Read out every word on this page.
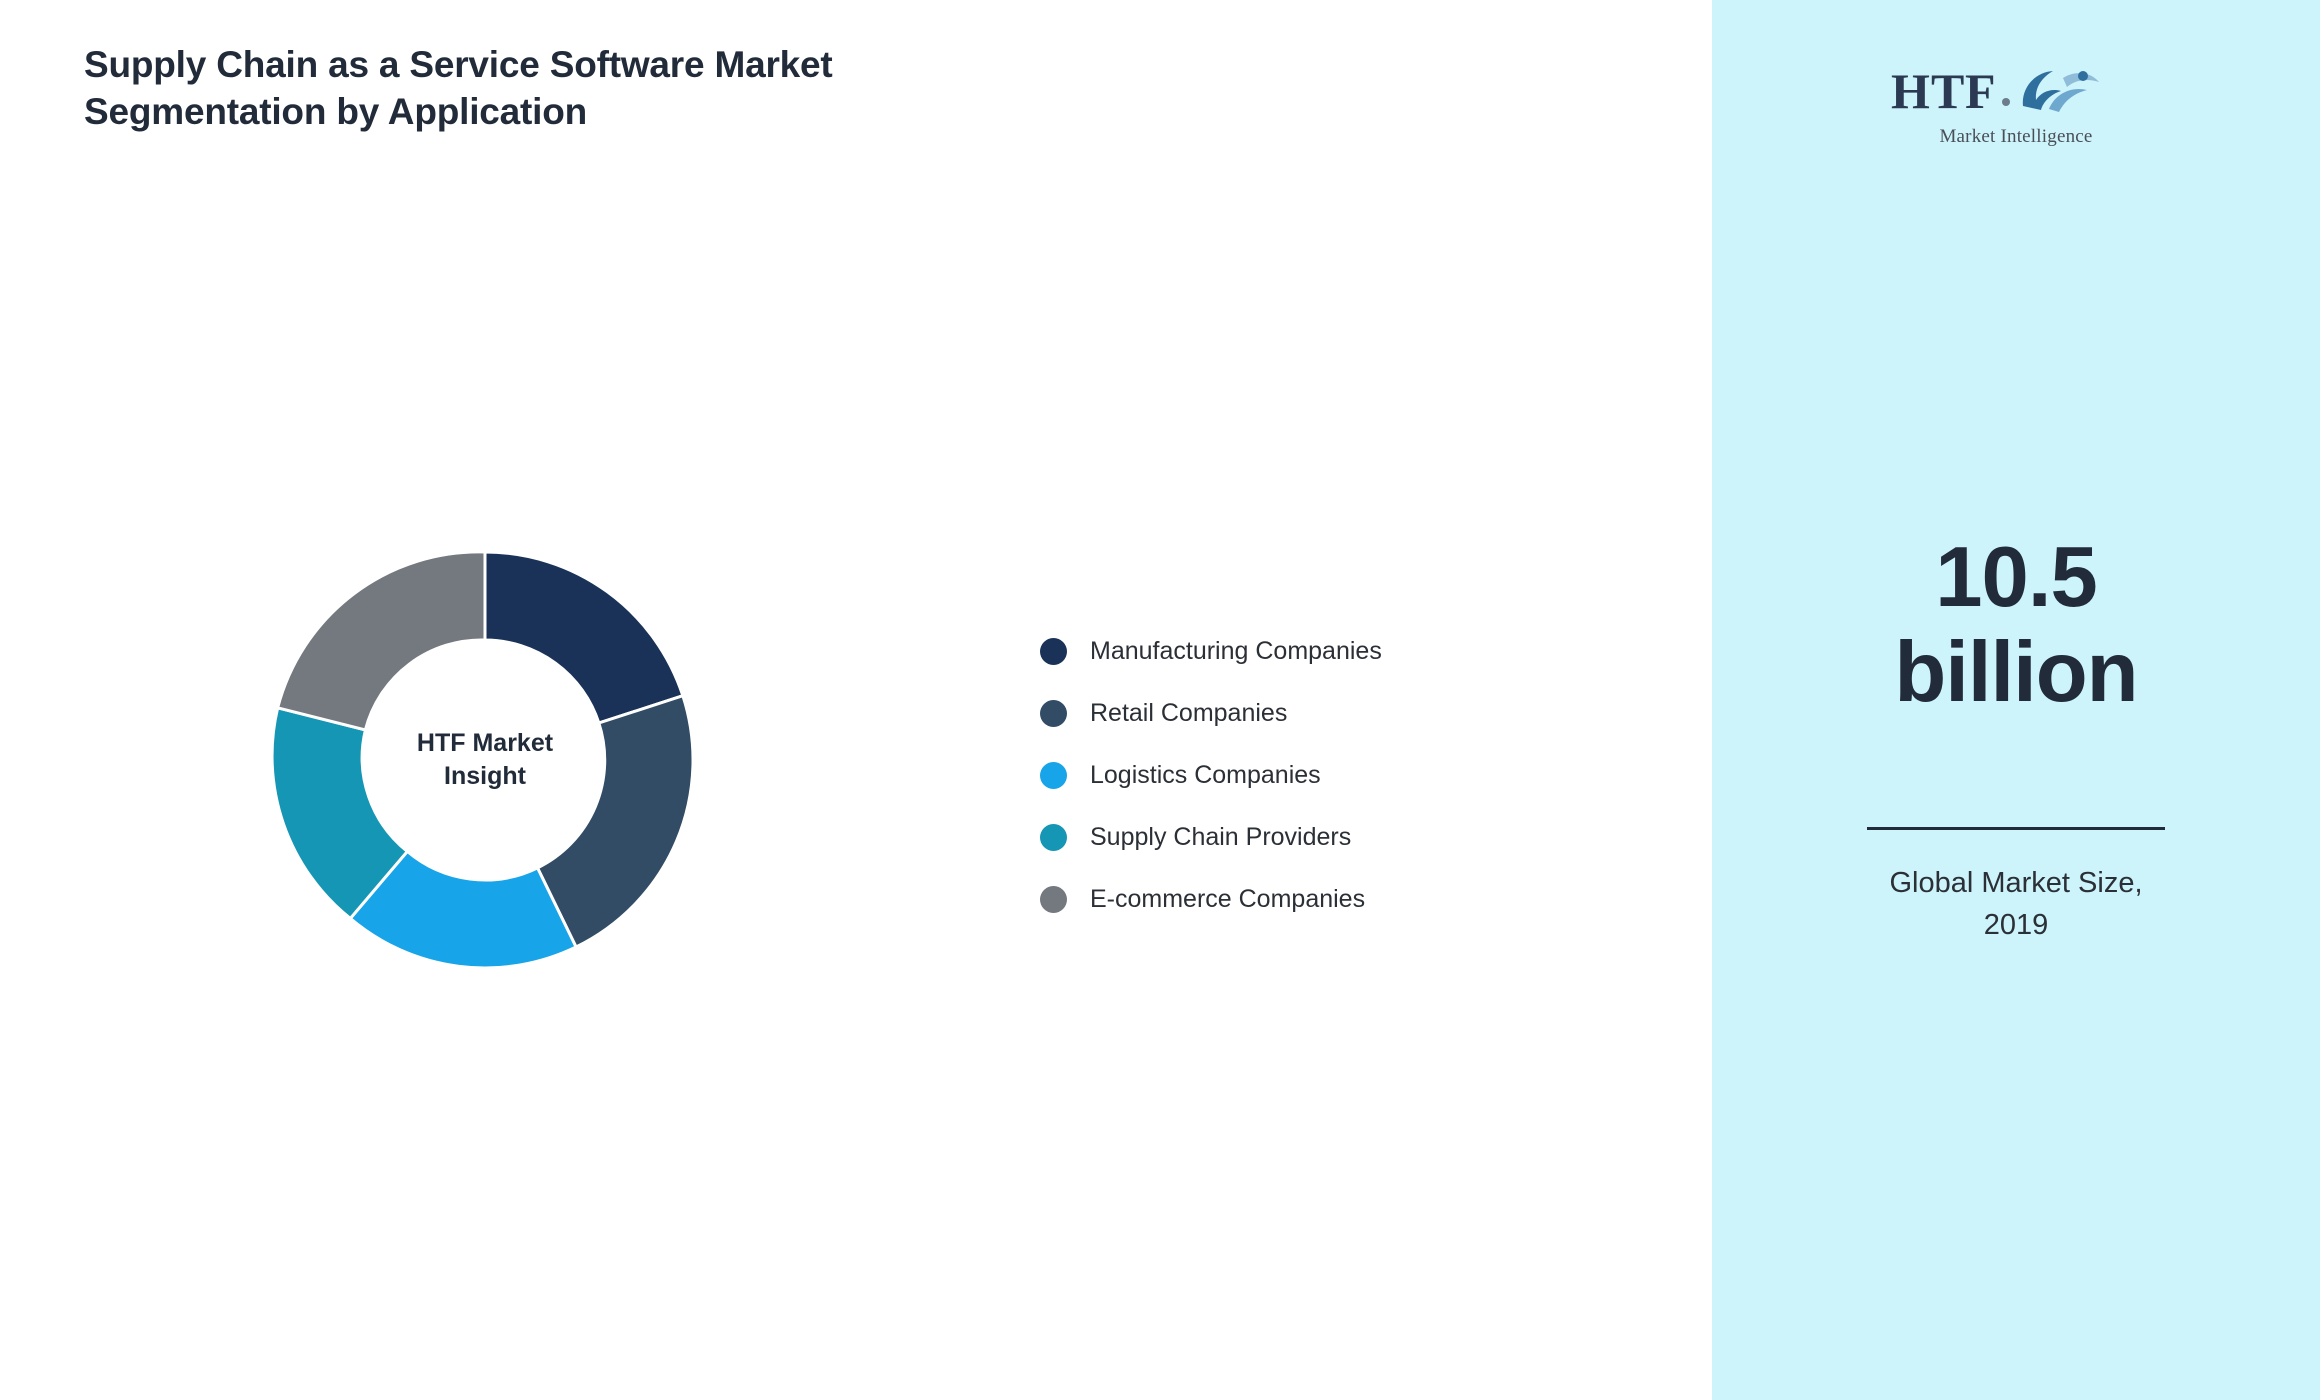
Supply Chain as a Service Software Market Segmentation by Application
HTF Market
Insight
Manufacturing Companies
Retail Companies
Logistics Companies
Supply Chain Providers
E-commerce Companies
H T F
Market Intelligence
10.5
billion
Global Market Size,
2019
